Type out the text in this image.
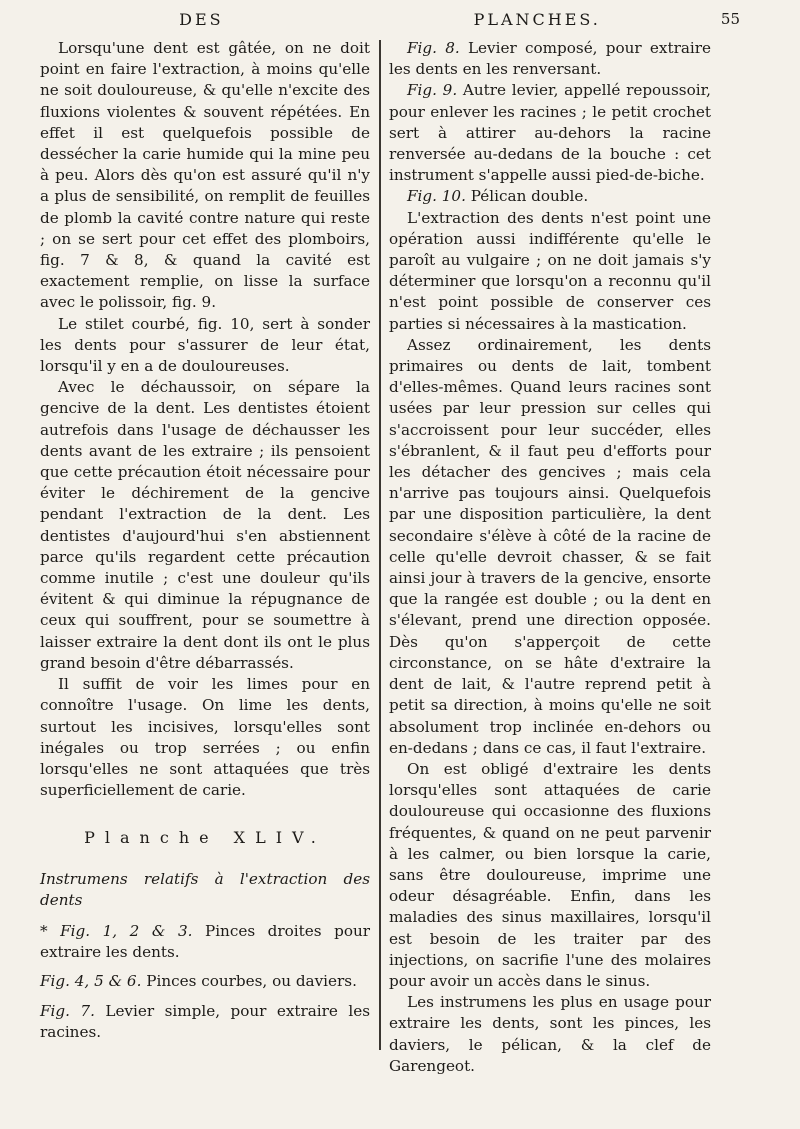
DES	PLANCHES.	55

Lorsqu'une dent est gâtée, on ne doit point en faire l'extraction, à moins qu'elle ne soit douloureuse, & qu'elle n'excite des fluxions violentes & souvent répétées. En effet il est quelquefois possible de dessécher la carie humide qui la mine peu à peu. Alors dès qu'on est assuré qu'il n'y a plus de sensibilité, on remplit de feuilles de plomb la cavité contre nature qui reste ; on se sert pour cet effet des plomboirs, fig. 7 & 8, & quand la cavité est exactement remplie, on lisse la surface avec le polissoir, fig. 9.

Le stilet courbé, fig. 10, sert à sonder les dents pour s'assurer de leur état, lorsqu'il y en a de douloureuses.

Avec le déchaussoir, on sépare la gencive de la dent. Les dentistes étoient autrefois dans l'usage de déchausser les dents avant de les extraire ; ils pensoient que cette précaution étoit nécessaire pour éviter le déchirement de la gencive pendant l'extraction de la dent. Les dentistes d'aujourd'hui s'en abstiennent parce qu'ils regardent cette précaution comme inutile ; c'est une douleur qu'ils évitent & qui diminue la répugnance de ceux qui souffrent, pour se soumettre à laisser extraire la dent dont ils ont le plus grand besoin d'être débarrassés.

Il suffit de voir les limes pour en connoître l'usage. On lime les dents, surtout les incisives, lorsqu'elles sont inégales ou trop serrées ; ou enfin lorsqu'elles ne sont attaquées que très superficiellement de carie.

Planche XLIV.
Instrumens relatifs à l'extraction des dents

* Fig. 1, 2 & 3. Pinces droites pour extraire les dents.

Fig. 4, 5 & 6. Pinces courbes, ou daviers.

Fig. 7. Levier simple, pour extraire les racines.

Fig. 8. Levier composé, pour extraire les dents en les renversant.

Fig. 9. Autre levier, appellé repoussoir, pour enlever les racines ; le petit crochet sert à attirer au-dehors la racine renversée au-dedans de la bouche : cet instrument s'appelle aussi pied-de-biche.

Fig. 10. Pélican double.

L'extraction des dents n'est point une opération aussi indifférente qu'elle le paroît au vulgaire ; on ne doit jamais s'y déterminer que lorsqu'on a reconnu qu'il n'est point possible de conserver ces parties si nécessaires à la mastication.

Assez ordinairement, les dents primaires ou dents de lait, tombent d'elles-mêmes. Quand leurs racines sont usées par leur pression sur celles qui s'accroissent pour leur succéder, elles s'ébranlent, & il faut peu d'efforts pour les détacher des gencives ; mais cela n'arrive pas toujours ainsi. Quelquefois par une disposition particulière, la dent secondaire s'élève à côté de la racine de celle qu'elle devroit chasser, & se fait ainsi jour à travers de la gencive, ensorte que la rangée est double ; ou la dent en s'élevant, prend une direction opposée. Dès qu'on s'apperçoit de cette circonstance, on se hâte d'extraire la dent de lait, & l'autre reprend petit à petit sa direction, à moins qu'elle ne soit absolument trop inclinée en-dehors ou en-dedans ; dans ce cas, il faut l'extraire.

On est obligé d'extraire les dents lorsqu'elles sont attaquées de carie douloureuse qui occasionne des fluxions fréquentes, & quand on ne peut parvenir à les calmer, ou bien lorsque la carie, sans être douloureuse, imprime une odeur désagréable. Enfin, dans les maladies des sinus maxillaires, lorsqu'il est besoin de les traiter par des injections, on sacrifie l'une des molaires pour avoir un accès dans le sinus.

Les instrumens les plus en usage pour extraire les dents, sont les pinces, les daviers, le pélican, & la clef de Garengeot.
